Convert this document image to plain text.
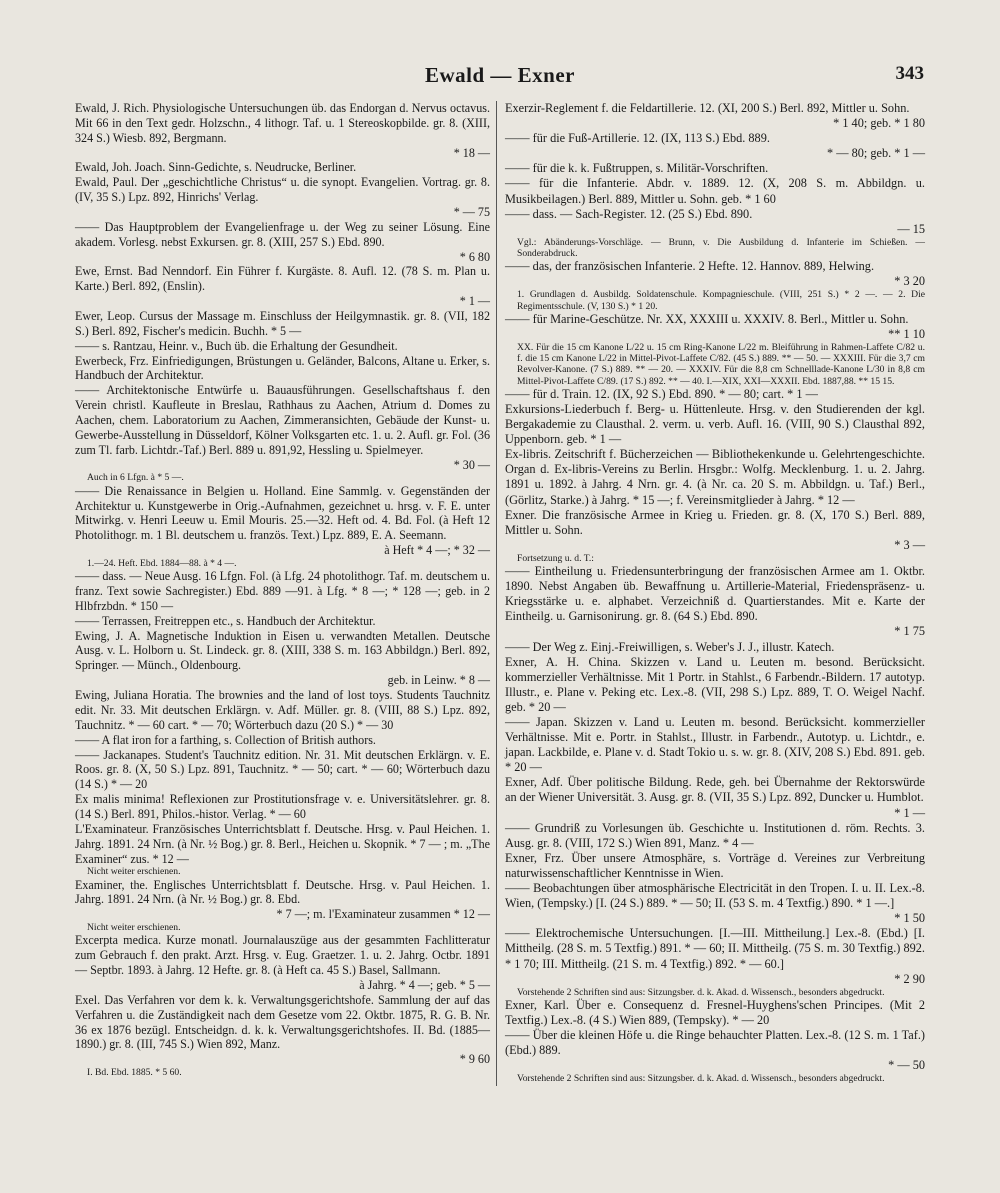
Ewald — Exner	343
Ewald, J. Rich. Physiologische Untersuchungen üb. das Endorgan d. Nervus octavus. Mit 66 in den Text gedr. Holzschn., 4 lithogr. Taf. u. 1 Stereoskopbilde. gr. 8. (XIII, 324 S.) Wiesb. 892, Bergmann.
* 18 —
Ewald, Joh. Joach. Sinn-Gedichte, s. Neudrucke, Berliner.
Ewald, Paul. Der „geschichtliche Christus“ u. die synopt. Evangelien. Vortrag. gr. 8. (IV, 35 S.) Lpz. 892, Hinrichs' Verlag.
* — 75
—— Das Hauptproblem der Evangelienfrage u. der Weg zu seiner Lösung. Eine akadem. Vorlesg. nebst Exkursen. gr. 8. (XIII, 257 S.) Ebd. 890.
* 6 80
Ewe, Ernst. Bad Nenndorf. Ein Führer f. Kurgäste. 8. Aufl. 12. (78 S. m. Plan u. Karte.) Berl. 892, (Enslin).
* 1 —
Ewer, Leop. Cursus der Massage m. Einschluss der Heilgymnastik. gr. 8. (VII, 182 S.) Berl. 892, Fischer's medicin. Buchh. * 5 —
—— s. Rantzau, Heinr. v., Buch üb. die Erhaltung der Gesundheit.
Ewerbeck, Frz. Einfriedigungen, Brüstungen u. Geländer, Balcons, Altane u. Erker, s. Handbuch der Architektur.
—— Architektonische Entwürfe u. Bauausführungen. Gesellschaftshaus f. den Verein christl. Kaufleute in Breslau, Rathhaus zu Aachen, Atrium d. Domes zu Aachen, chem. Laboratorium zu Aachen, Zimmeransichten, Gebäude der Kunst- u. Gewerbe-Ausstellung in Düsseldorf, Kölner Volksgarten etc. 1. u. 2. Aufl. gr. Fol. (36 zum Tl. farb. Lichtdr.-Taf.) Berl. 889 u. 891,92, Hessling u. Spielmeyer.
* 30 —
Auch in 6 Lfgn. à * 5 —.
—— Die Renaissance in Belgien u. Holland. Eine Sammlg. v. Gegenständen der Architektur u. Kunstgewerbe in Orig.-Aufnahmen, gezeichnet u. hrsg. v. F. E. unter Mitwirkg. v. Henri Leeuw u. Emil Mouris. 25.—32. Heft od. 4. Bd. Fol. (à Heft 12 Photolithogr. m. 1 Bl. deutschem u. französ. Text.) Lpz. 889, E. A. Seemann.
à Heft * 4 —; * 32 —
1.—24. Heft. Ebd. 1884—88. à * 4 —.
—— dass. — Neue Ausg. 16 Lfgn. Fol. (à Lfg. 24 photolithogr. Taf. m. deutschem u. franz. Text sowie Sachregister.) Ebd. 889 —91. à Lfg. * 8 —; * 128 —; geb. in 2 Hlbfrzbdn. * 150 —
—— Terrassen, Freitreppen etc., s. Handbuch der Architektur.
Ewing, J. A. Magnetische Induktion in Eisen u. verwandten Metallen. Deutsche Ausg. v. L. Holborn u. St. Lindeck. gr. 8. (XIII, 338 S. m. 163 Abbildgn.) Berl. 892, Springer. — Münch., Oldenbourg.
geb. in Leinw. * 8 —
Ewing, Juliana Horatia. The brownies and the land of lost toys. Students Tauchnitz edit. Nr. 33. Mit deutschen Erklärgn. v. Adf. Müller. gr. 8. (VIII, 88 S.) Lpz. 892, Tauchnitz. * — 60 cart. * — 70; Wörterbuch dazu (20 S.) * — 30
—— A flat iron for a farthing, s. Collection of British authors.
—— Jackanapes. Student's Tauchnitz edition. Nr. 31. Mit deutschen Erklärgn. v. E. Roos. gr. 8. (X, 50 S.) Lpz. 891, Tauchnitz. * — 50; cart. * — 60; Wörterbuch dazu (14 S.) * — 20
Ex malis minima! Reflexionen zur Prostitutionsfrage v. e. Universitätslehrer. gr. 8. (14 S.) Berl. 891, Philos.-histor. Verlag. * — 60
L'Examinateur. Französisches Unterrichtsblatt f. Deutsche. Hrsg. v. Paul Heichen. 1. Jahrg. 1891. 24 Nrn. (à Nr. ½ Bog.) gr. 8. Berl., Heichen u. Skopnik. * 7 — ; m. „The Examiner“ zus. * 12 —
Nicht weiter erschienen.
Examiner, the. Englisches Unterrichtsblatt f. Deutsche. Hrsg. v. Paul Heichen. 1. Jahrg. 1891. 24 Nrn. (à Nr. ½ Bog.) gr. 8. Ebd.
* 7 —; m. l'Examinateur zusammen * 12 —
Nicht weiter erschienen.
Excerpta medica. Kurze monatl. Journalauszüge aus der gesammten Fachlitteratur zum Gebrauch f. den prakt. Arzt. Hrsg. v. Eug. Graetzer. 1. u. 2. Jahrg. Octbr. 1891 — Septbr. 1893. à Jahrg. 12 Hefte. gr. 8. (à Heft ca. 45 S.) Basel, Sallmann.
à Jahrg. * 4 —; geb. * 5 —
Exel. Das Verfahren vor dem k. k. Verwaltungsgerichtshofe. Sammlung der auf das Verfahren u. die Zuständigkeit nach dem Gesetze vom 22. Oktbr. 1875, R. G. B. Nr. 36 ex 1876 bezügl. Entscheidgn. d. k. k. Verwaltungsgerichtshofes. II. Bd. (1885—1890.) gr. 8. (III, 745 S.) Wien 892, Manz.
* 9 60
I. Bd. Ebd. 1885. * 5 60.
Exerzir-Reglement f. die Feldartillerie. 12. (XI, 200 S.) Berl. 892, Mittler u. Sohn.
* 1 40; geb. * 1 80
—— für die Fuß-Artillerie. 12. (IX, 113 S.) Ebd. 889.
* — 80; geb. * 1 —
—— für die k. k. Fußtruppen, s. Militär-Vorschriften.
—— für die Infanterie. Abdr. v. 1889. 12. (X, 208 S. m. Abbildgn. u. Musikbeilagen.) Berl. 889, Mittler u. Sohn. geb. * 1 60
—— dass. — Sach-Register. 12. (25 S.) Ebd. 890.
— 15
Vgl.: Abänderungs-Vorschläge. — Brunn, v. Die Ausbildung d. Infanterie im Schießen. — Sonderabdruck.
—— das, der französischen Infanterie. 2 Hefte. 12. Hannov. 889, Helwing.
* 3 20
1. Grundlagen d. Ausbildg. Soldatenschule. Kompagnieschule. (VIII, 251 S.) * 2 —. — 2. Die Regimentsschule. (V, 130 S.) * 1 20.
—— für Marine-Geschütze. Nr. XX, XXXIII u. XXXIV. 8. Berl., Mittler u. Sohn.
** 1 10
XX. Für die 15 cm Kanone L/22 u. 15 cm Ring-Kanone L/22 m. Bleiführung in Rahmen-Laffete C/82 u. f. die 15 cm Kanone L/22 in Mittel-Pivot-Laffete C/82. (45 S.) 889. ** — 50. — XXXIII. Für die 3,7 cm Revolver-Kanone. (7 S.) 889. ** — 20. — XXXIV. Für die 8,8 cm Schnelllade-Kanone L/30 in 8,8 cm Mittel-Pivot-Laffete C/89. (17 S.) 892. ** — 40. I.—XIX, XXI—XXXII. Ebd. 1887,88. ** 15 15.
—— für d. Train. 12. (IX, 92 S.) Ebd. 890. * — 80; cart. * 1 —
Exkursions-Liederbuch f. Berg- u. Hüttenleute. Hrsg. v. den Studierenden der kgl. Bergakademie zu Clausthal. 2. verm. u. verb. Aufl. 16. (VIII, 90 S.) Clausthal 892, Uppenborn. geb. * 1 —
Ex-libris. Zeitschrift f. Bücherzeichen — Bibliothekenkunde u. Gelehrtengeschichte. Organ d. Ex-libris-Vereins zu Berlin. Hrsgbr.: Wolfg. Mecklenburg. 1. u. 2. Jahrg. 1891 u. 1892. à Jahrg. 4 Nrn. gr. 4. (à Nr. ca. 20 S. m. Abbildgn. u. Taf.) Berl., (Görlitz, Starke.) à Jahrg. * 15 —; f. Vereinsmitglieder à Jahrg. * 12 —
Exner. Die französische Armee in Krieg u. Frieden. gr. 8. (X, 170 S.) Berl. 889, Mittler u. Sohn.
* 3 —
Fortsetzung u. d. T.:
—— Eintheilung u. Friedensunterbringung der französischen Armee am 1. Oktbr. 1890. Nebst Angaben üb. Bewaffnung u. Artillerie-Material, Friedenspräsenz- u. Kriegsstärke u. e. alphabet. Verzeichniß d. Quartierstandes. Mit e. Karte der Eintheilg. u. Garnisonirung. gr. 8. (64 S.) Ebd. 890.
* 1 75
—— Der Weg z. Einj.-Freiwilligen, s. Weber's J. J., illustr. Katech.
Exner, A. H. China. Skizzen v. Land u. Leuten m. besond. Berücksicht. kommerzieller Verhältnisse. Mit 1 Portr. in Stahlst., 6 Farbendr.-Bildern. 17 autotyp. Illustr., e. Plane v. Peking etc. Lex.-8. (VII, 298 S.) Lpz. 889, T. O. Weigel Nachf. geb. * 20 —
—— Japan. Skizzen v. Land u. Leuten m. besond. Berücksicht. kommerzieller Verhältnisse. Mit e. Portr. in Stahlst., Illustr. in Farbendr., Autotyp. u. Lichtdr., e. japan. Lackbilde, e. Plane v. d. Stadt Tokio u. s. w. gr. 8. (XIV, 208 S.) Ebd. 891. geb. * 20 —
Exner, Adf. Über politische Bildung. Rede, geh. bei Übernahme der Rektorswürde an der Wiener Universität. 3. Ausg. gr. 8. (VII, 35 S.) Lpz. 892, Duncker u. Humblot.
* 1 —
—— Grundriß zu Vorlesungen üb. Geschichte u. Institutionen d. röm. Rechts. 3. Ausg. gr. 8. (VIII, 172 S.) Wien 891, Manz. * 4 —
Exner, Frz. Über unsere Atmosphäre, s. Vorträge d. Vereines zur Verbreitung naturwissenschaftlicher Kenntnisse in Wien.
—— Beobachtungen über atmosphärische Electricität in den Tropen. I. u. II. Lex.-8. Wien, (Tempsky.) [I. (24 S.) 889. * — 50; II. (53 S. m. 4 Textfig.) 890. * 1 —.]
* 1 50
—— Elektrochemische Untersuchungen. [I.—III. Mittheilung.] Lex.-8. (Ebd.) [I. Mittheilg. (28 S. m. 5 Textfig.) 891. * — 60; II. Mittheilg. (75 S. m. 30 Textfig.) 892. * 1 70; III. Mittheilg. (21 S. m. 4 Textfig.) 892. * — 60.]
* 2 90
Vorstehende 2 Schriften sind aus: Sitzungsber. d. k. Akad. d. Wissensch., besonders abgedruckt.
Exner, Karl. Über e. Consequenz d. Fresnel-Huyghens'schen Principes. (Mit 2 Textfig.) Lex.-8. (4 S.) Wien 889, (Tempsky). * — 20
—— Über die kleinen Höfe u. die Ringe behauchter Platten. Lex.-8. (12 S. m. 1 Taf.) (Ebd.) 889.
* — 50
Vorstehende 2 Schriften sind aus: Sitzungsber. d. k. Akad. d. Wissensch., besonders abgedruckt.
